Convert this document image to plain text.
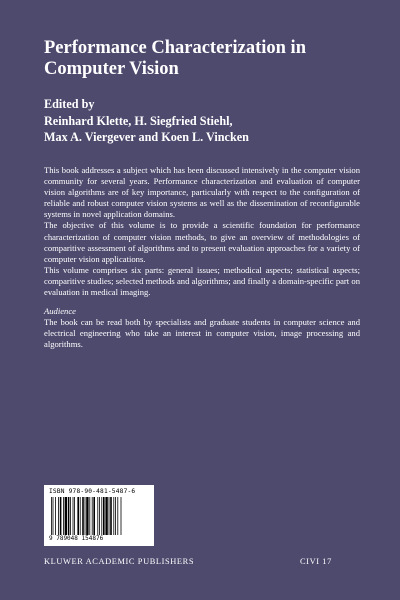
Performance Characterization in
Computer Vision
Edited by
Reinhard Klette, H. Siegfried Stiehl,
Max A. Viergever and Koen L. Vincken

This book addresses a subject which has been discussed intensively in the computer vision community for several years. Performance characterization and evaluation of computer vision algorithms are of key importance, particularly with respect to the configuration of reliable and robust computer vision systems as well as the dissemination of reconfigurable systems in novel application domains.

The objective of this volume is to provide a scientific foundation for performance characterization of computer vision methods, to give an overview of methodologies of comparitive assessment of algorithms and to present evaluation approaches for a variety of computer vision applications.

This volume comprises six parts: general issues; methodical aspects; statistical aspects; comparitive studies; selected methods and algorithms; and finally a domain-specific part on evaluation in medical imaging.

Audience

The book can be read both by specialists and graduate students in computer science and electrical engineering who take an interest in computer vision, image processing and algorithms.

ISBN 978-90-481-5487-6
9 789048 154876
KLUWER ACADEMIC PUBLISHERS	CIVI 17
